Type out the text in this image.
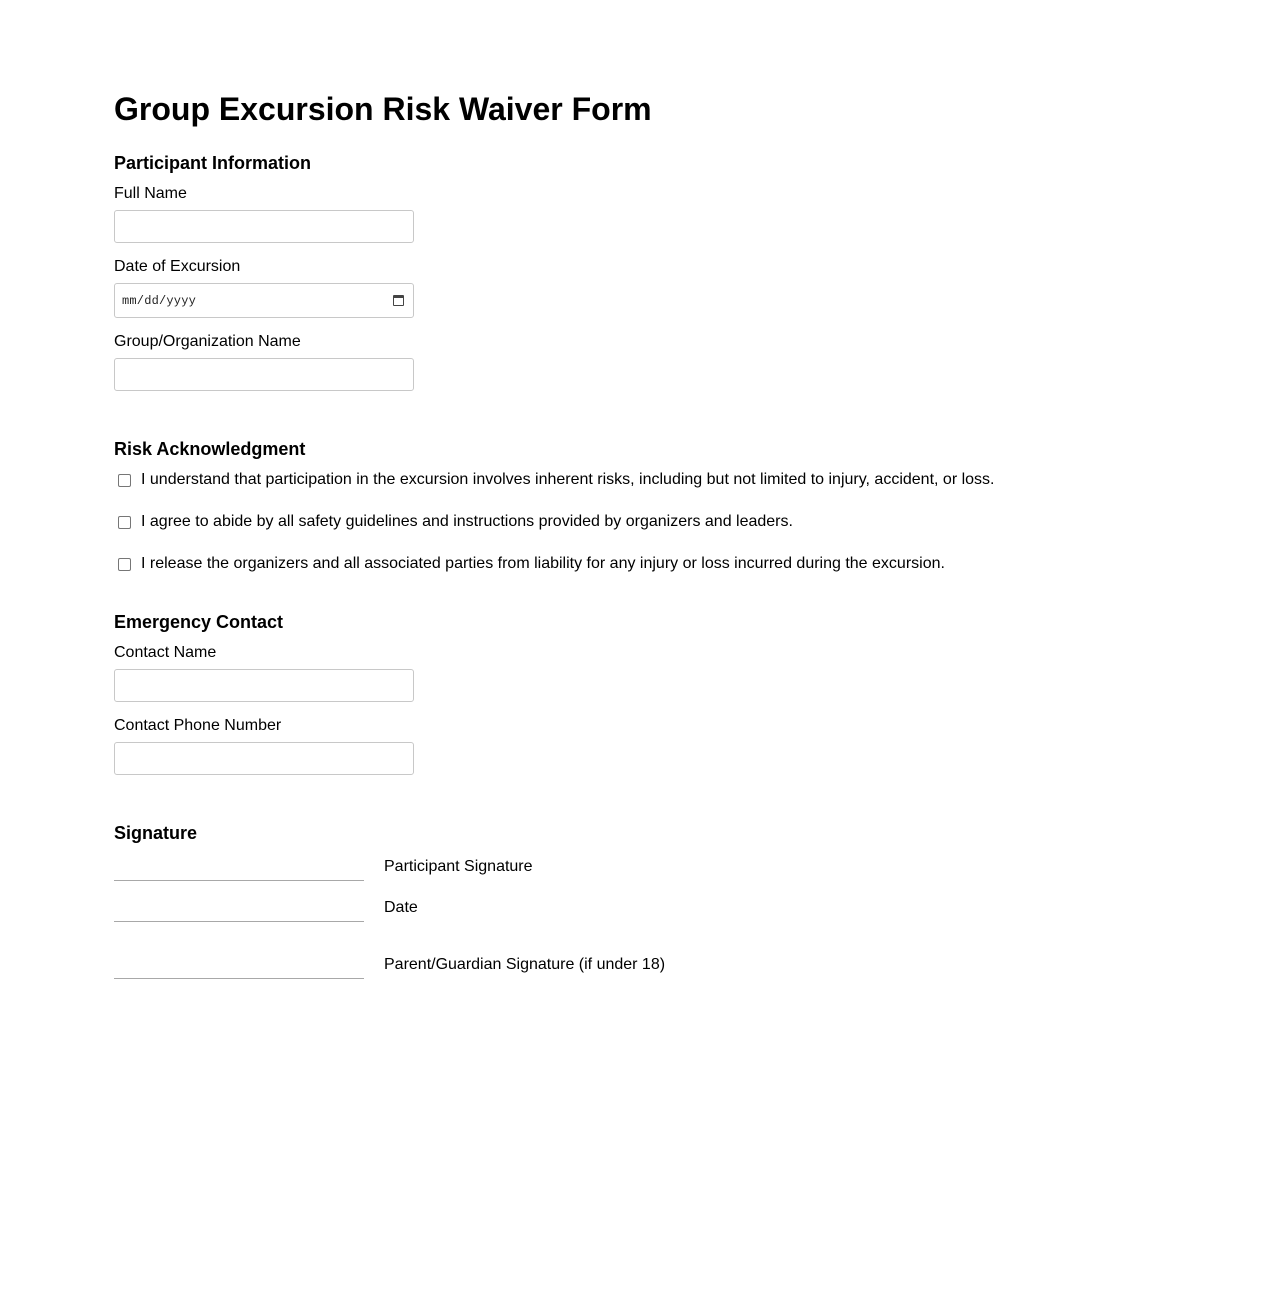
Group Excursion Risk Waiver Form
Participant Information
Full Name
Date of Excursion
mm/dd/yyyy
Group/Organization Name
Risk Acknowledgment
I understand that participation in the excursion involves inherent risks, including but not limited to injury, accident, or loss.
I agree to abide by all safety guidelines and instructions provided by organizers and leaders.
I release the organizers and all associated parties from liability for any injury or loss incurred during the excursion.
Emergency Contact
Contact Name
Contact Phone Number
Signature
Participant Signature
Date
Parent/Guardian Signature (if under 18)
